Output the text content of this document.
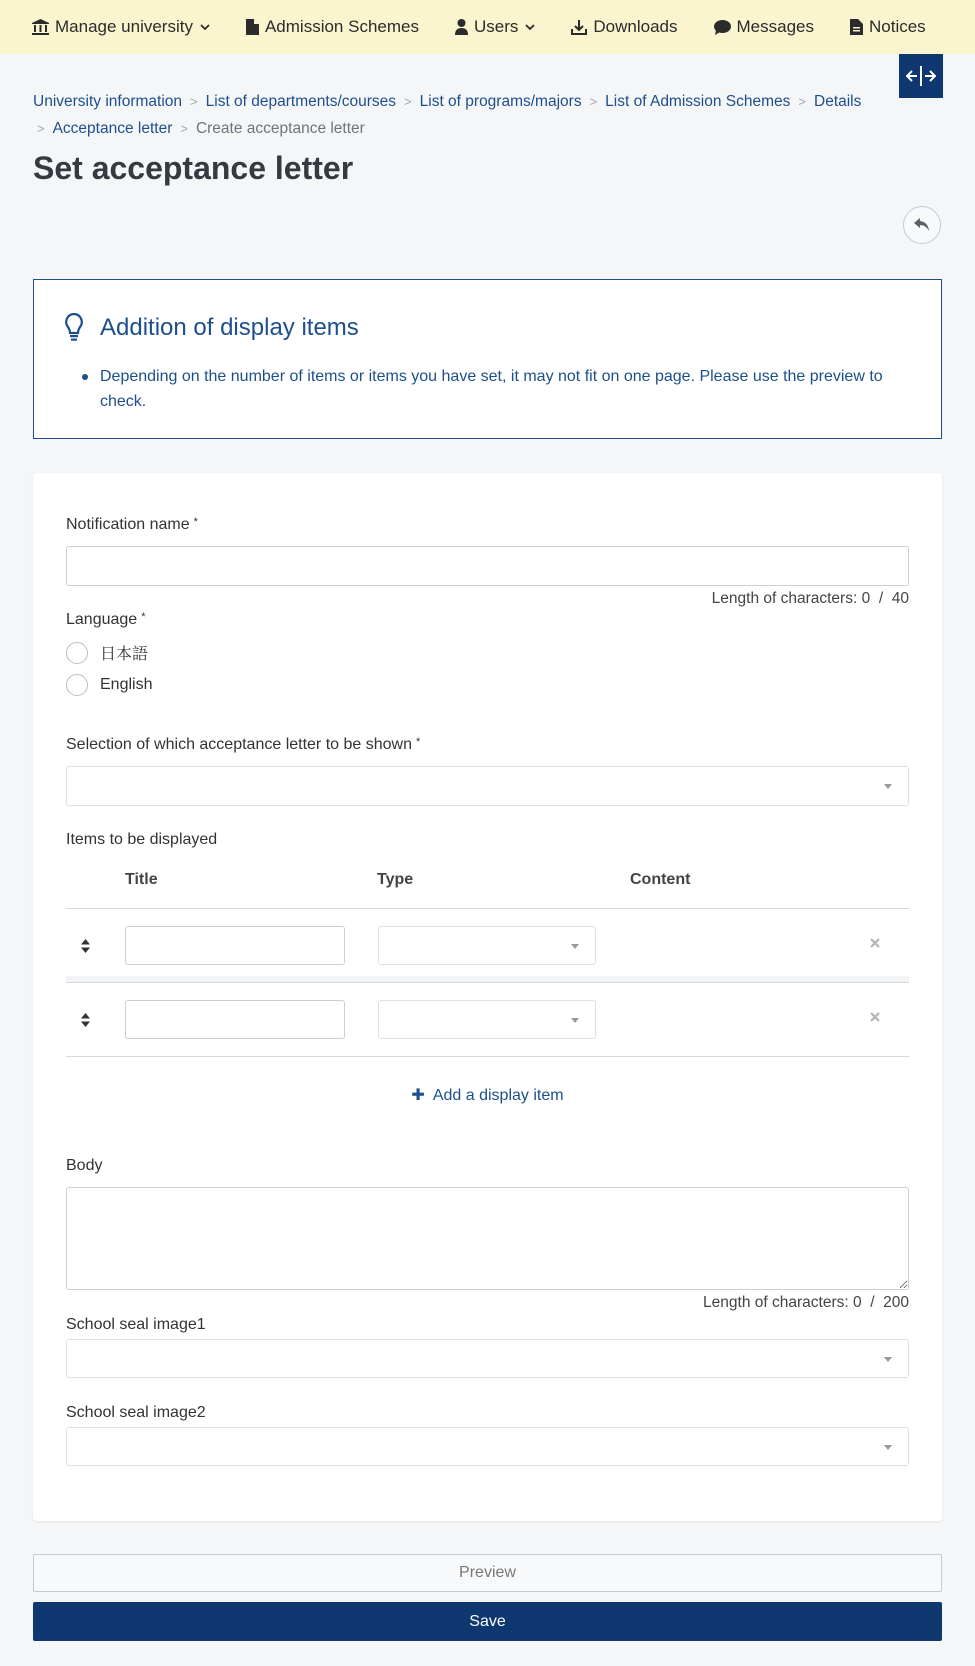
Manage university	Admission Schemes	Users	Downloads	Messages	Notices
University information > List of departments/courses > List of programs/majors > List of Admission Schemes > Details
> Acceptance letter > Create acceptance letter
Set acceptance letter
Addition of display items
Depending on the number of items or items you have set, it may not fit on one page. Please use the preview to check.
Notification name *
Length of characters: 0  /  40
Language *
日本語
English
Selection of which acceptance letter to be shown *
Items to be displayed
Title	Type	Content
✚ Add a display item
Body
Length of characters: 0  /  200
School seal image1
School seal image2
Preview
Save
